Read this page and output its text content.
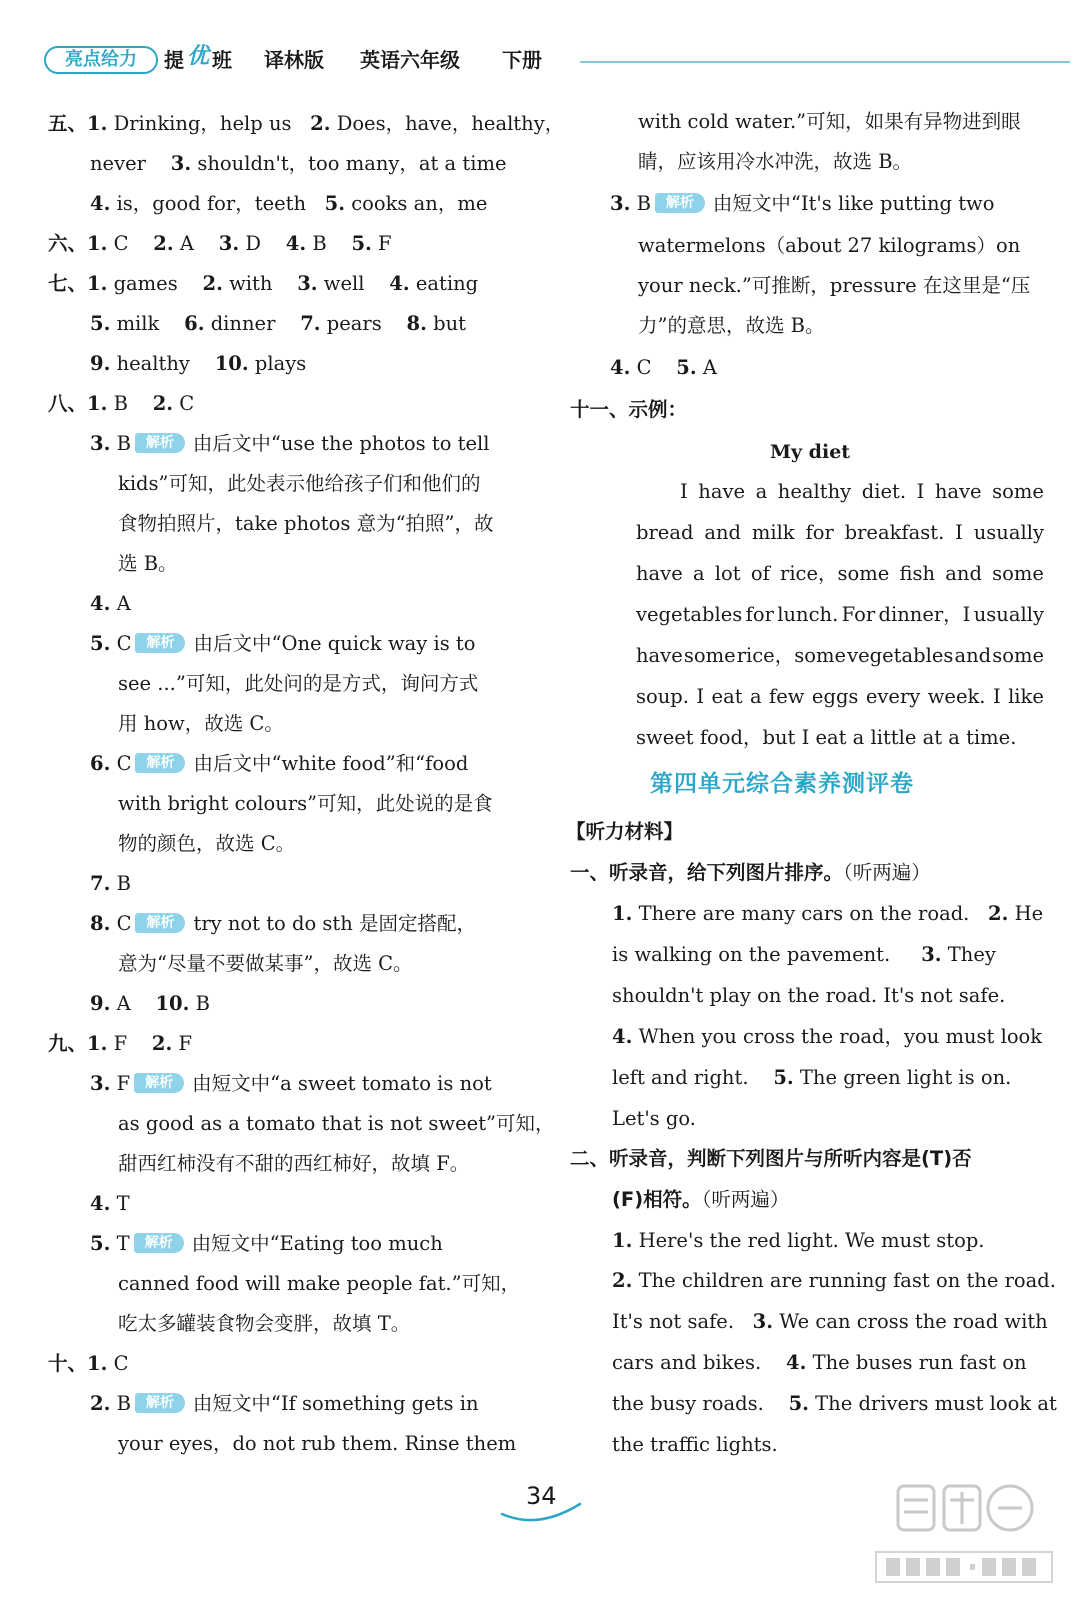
亮点给力	提 优 班 译林版 英语六年级 下册
五、1. Drinking，help us 2. Does，have，healthy，
never 3. shouldn't，too many，at a time
4. is，good for，teeth 5. cooks an，me
六、1. C 2. A 3. D 4. B 5. F
七、1. games 2. with 3. well 4. eating
5. milk 6. dinner 7. pears 8. but
9. healthy 10. plays
八、1. B 2. C
3. B 解析 由后文中“use the photos to tell
kids”可知，此处表示他给孩子们和他们的
食物拍照片，take photos 意为“拍照”，故
选 B。
4. A
5. C 解析 由后文中“One quick way is to
see ...”可知，此处问的是方式，询问方式
用 how，故选 C。
6. C 解析 由后文中“white food”和“food
with bright colours”可知，此处说的是食
物的颜色，故选 C。
7. B
8. C 解析 try not to do sth 是固定搭配，
意为“尽量不要做某事”，故选 C。
9. A 10. B
九、1. F 2. F
3. F 解析 由短文中“a sweet tomato is not
as good as a tomato that is not sweet”可知，
甜西红柿没有不甜的西红柿好，故填 F。
4. T
5. T 解析 由短文中“Eating too much
canned food will make people fat.”可知，
吃太多罐装食物会变胖，故填 T。
十、1. C
2. B 解析 由短文中“If something gets in
your eyes，do not rub them. Rinse them
with cold water.”可知，如果有异物进到眼
睛，应该用冷水冲洗，故选 B。
3. B 解析 由短文中“It's like putting two
watermelons（about 27 kilograms）on
your neck.”可推断，pressure 在这里是“压
力”的意思，故选 B。
4. C 5. A
十一、示例：
My diet
I have a healthy diet. I have some
bread and milk for breakfast. I usually
have a lot of rice，some fish and some
vegetables for lunch. For dinner，I usually
have some rice，some vegetables and some
soup. I eat a few eggs every week. I like
sweet food，but I eat a little at a time.
第四单元综合素养测评卷
【听力材料】
一、听录音，给下列图片排序。（听两遍）
1. There are many cars on the road. 2. He
is walking on the pavement. 3. They
shouldn't play on the road. It's not safe.
4. When you cross the road，you must look
left and right. 5. The green light is on.
Let's go.
二、听录音，判断下列图片与所听内容是(T)否
(F)相符。（听两遍）
1. Here's the red light. We must stop.
2. The children are running fast on the road.
It's not safe. 3. We can cross the road with
cars and bikes. 4. The buses run fast on
the busy roads. 5. The drivers must look at
the traffic lights.
34
